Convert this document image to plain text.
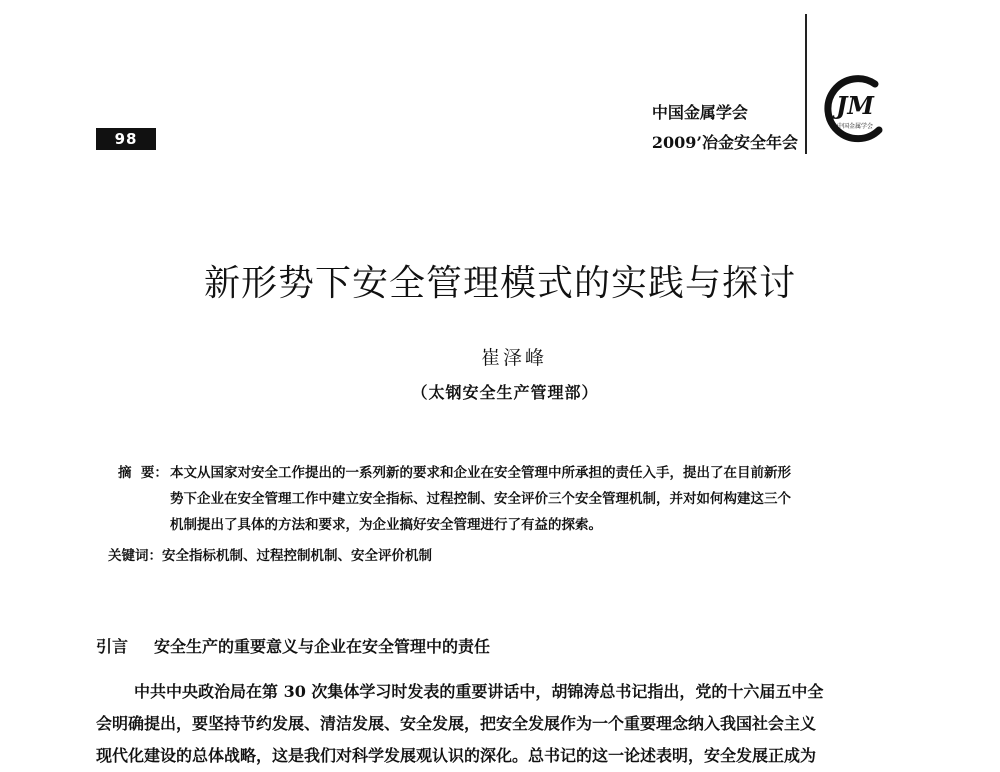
98
中国金属学会
2009’冶金安全年会
JM
中国金属学会
新形势下安全管理模式的实践与探讨
崔泽峰
（太钢安全生产管理部）
摘  要： 本文从国家对安全工作提出的一系列新的要求和企业在安全管理中所承担的责任入手，提出了在目前新形
势下企业在安全管理工作中建立安全指标、过程控制、安全评价三个安全管理机制，并对如何构建这三个
机制提出了具体的方法和要求，为企业搞好安全管理进行了有益的探索。
关键词：安全指标机制、过程控制机制、安全评价机制
引言 安全生产的重要意义与企业在安全管理中的责任
中共中央政治局在第 30 次集体学习时发表的重要讲话中，胡锦涛总书记指出，党的十六届五中全
会明确提出，要坚持节约发展、清洁发展、安全发展，把安全发展作为一个重要理念纳入我国社会主义
现代化建设的总体战略，这是我们对科学发展观认识的深化。总书记的这一论述表明，安全发展正成为
